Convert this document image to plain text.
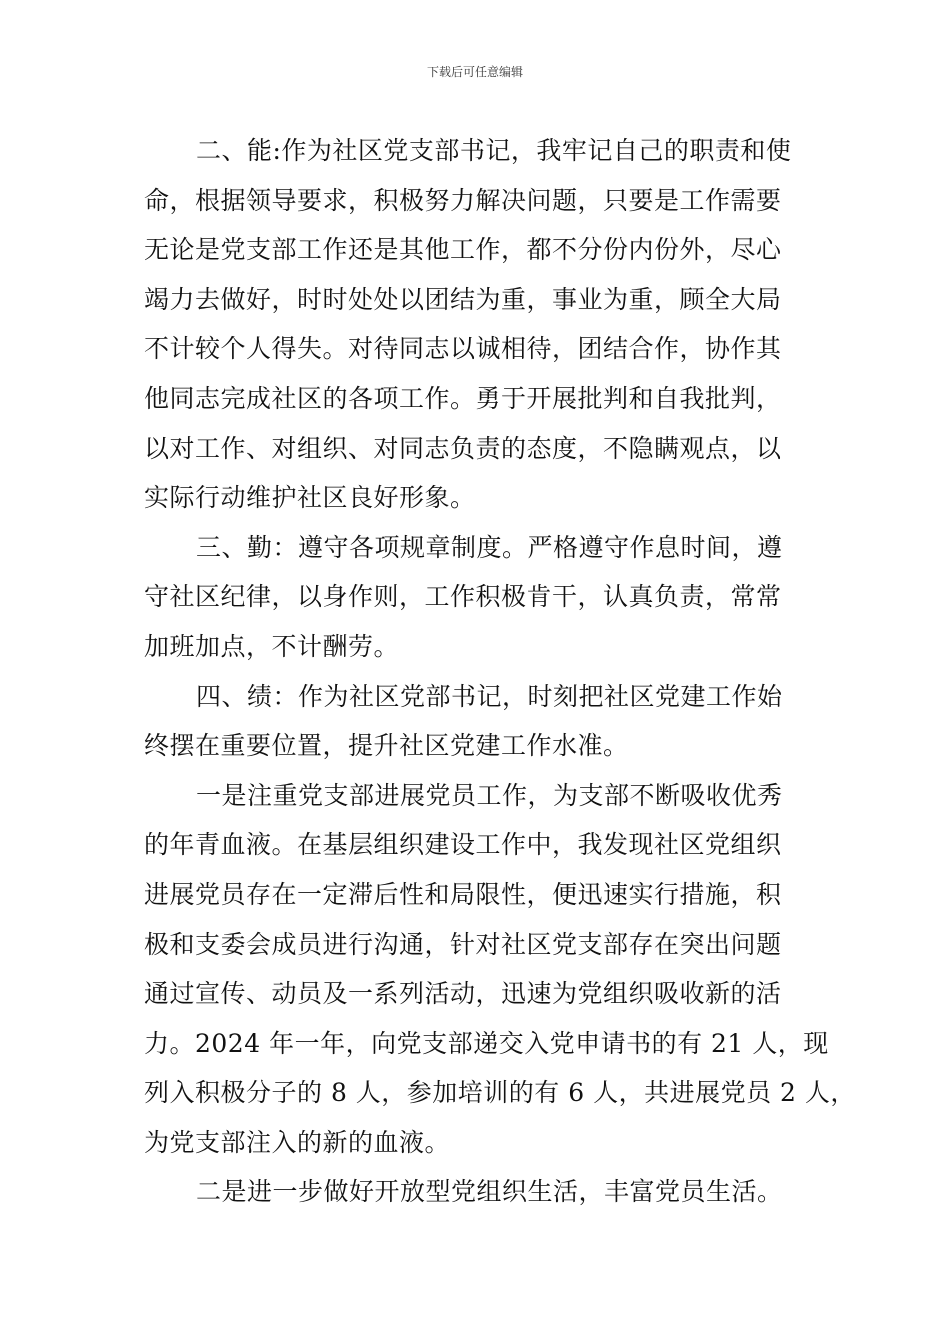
下载后可任意编辑
二、能:作为社区党支部书记，我牢记自己的职责和使
命，根据领导要求，积极努力解决问题，只要是工作需要
无论是党支部工作还是其他工作，都不分份内份外，尽心
竭力去做好，时时处处以团结为重，事业为重，顾全大局
不计较个人得失。对待同志以诚相待，团结合作，协作其
他同志完成社区的各项工作。勇于开展批判和自我批判，
以对工作、对组织、对同志负责的态度，不隐瞒观点，以
实际行动维护社区良好形象。
三、勤：遵守各项规章制度。严格遵守作息时间，遵
守社区纪律，以身作则，工作积极肯干，认真负责，常常
加班加点，不计酬劳。
四、绩：作为社区党部书记，时刻把社区党建工作始
终摆在重要位置，提升社区党建工作水准。
一是注重党支部进展党员工作，为支部不断吸收优秀
的年青血液。在基层组织建设工作中，我发现社区党组织
进展党员存在一定滞后性和局限性，便迅速实行措施，积
极和支委会成员进行沟通，针对社区党支部存在突出问题
通过宣传、动员及一系列活动，迅速为党组织吸收新的活
力。2024 年一年，向党支部递交入党申请书的有 21 人，现
列入积极分子的 8 人，参加培训的有 6 人，共进展党员 2 人，
为党支部注入的新的血液。
二是进一步做好开放型党组织生活，丰富党员生活。
